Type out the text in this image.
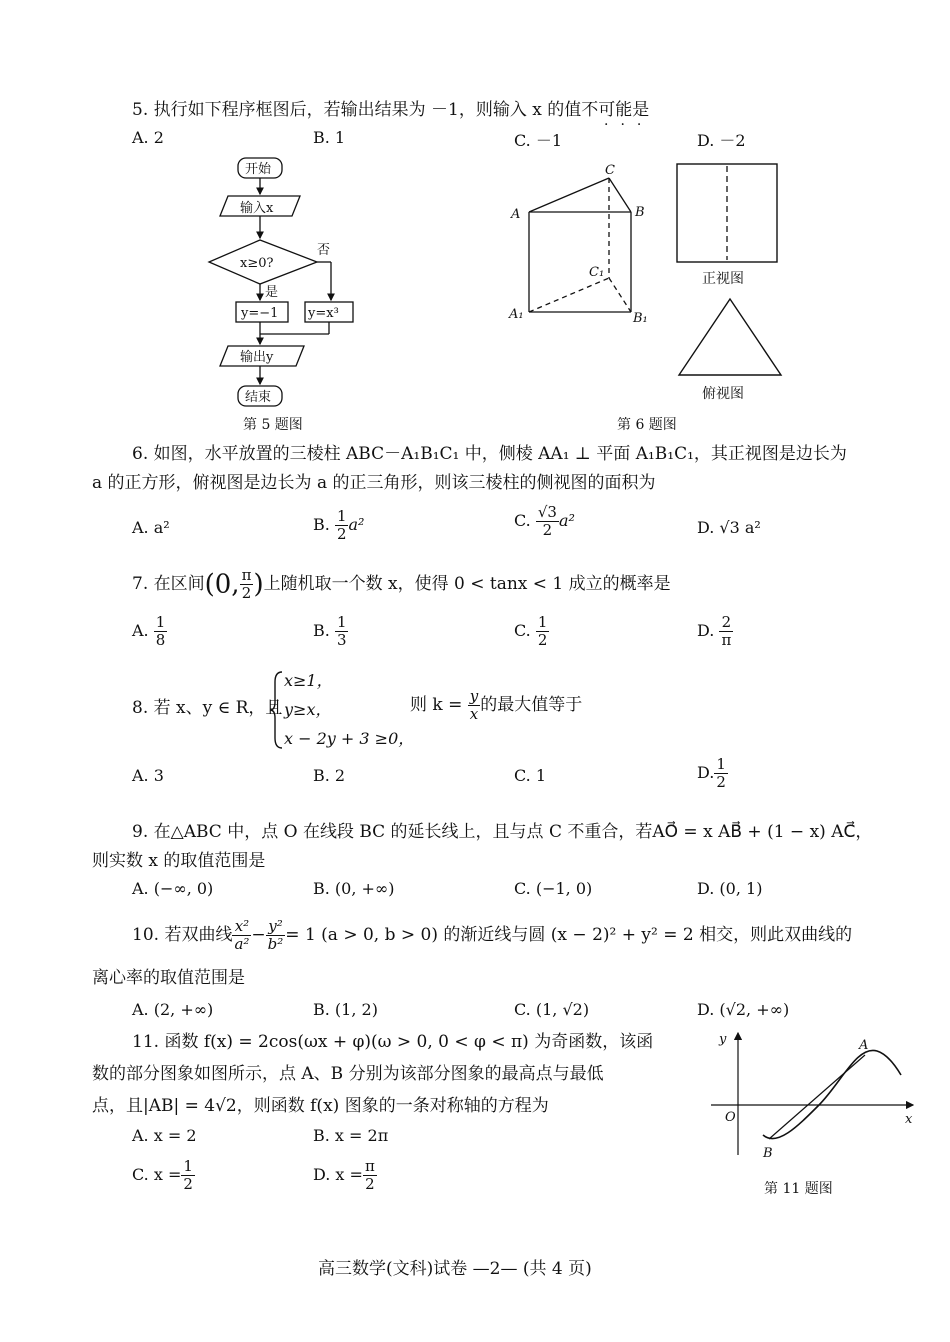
5. 执行如下程序框图后，若输出结果为 －1，则输入 x 的值不可能是
···
A. 2	B. 1	C. －1	D. －2
开始
输入x
x≥0?
否
是
y=−1 y=x³
输出y
结束
第 5 题图
A	B
C
A₁	B₁
C₁	正视图
俯视图
第 6 题图
6. 如图，水平放置的三棱柱 ABC－A₁B₁C₁ 中，侧棱 AA₁ ⊥ 平面 A₁B₁C₁，其正视图是边长为
a 的正方形，俯视图是边长为 a 的正三角形，则该三棱柱的侧视图的面积为
A. a²	B. $\frac{1}{2} a^2$	C. $\frac{√3}{2} a^2$	D. √3 a²
7. 在区间(0, $\frac{\pi}{2}$ )上随机取一个数 x，使得 0 < tanx < 1 成立的概率是
A. $\frac{1}{8}$	B. $\frac{1}{3}$	C. $\frac{1}{2}$	D. $\frac{2}{\pi}$
8. 若 x、y ∈ R，且
x≥1，
y≥x，
x − 2y + 3 ≥0，
则 $k = \frac{y}{x}$ 的最大值等于
A. 3	B. 2	C. 1	D. $\frac{1}{2}$
9. 在△ABC 中，点 O 在线段 BC 的延长线上，且与点 C 不重合，若AO⃗ = x AB⃗ + (1 − x) AC⃗，
则实数 x 的取值范围是
A. (−∞, 0)	B. (0, +∞)	C. (−1, 0)	D. (0, 1)
10. 若双曲线 $\frac{\text{x²}}{\text{a²}} - \frac{\text{y²}}{\text{b²}} = 1$ (a > 0, b > 0) 的渐近线与圆 (x − 2)² + y² = 2 相交，则此双曲线的
离心率的取值范围是
A. (2, +∞)	B. (1, 2)	C. (1, √2)	D. (√2, +∞)
11. 函数 f(x) = 2cos(ωx + φ)(ω > 0, 0 < φ < π) 为奇函数，该函
数的部分图象如图所示，点 A、B 分别为该部分图象的最高点与最低
点，且|AB| = 4√2，则函数 f(x) 图象的一条对称轴的方程为
A. x = 2	B. x = 2π
C. $x = \frac{1}{2}$	D. $x = \frac{\pi}{2}$
y
x
O
A
B
第 11 题图
高三数学(文科)试卷 —2— (共 4 页)
